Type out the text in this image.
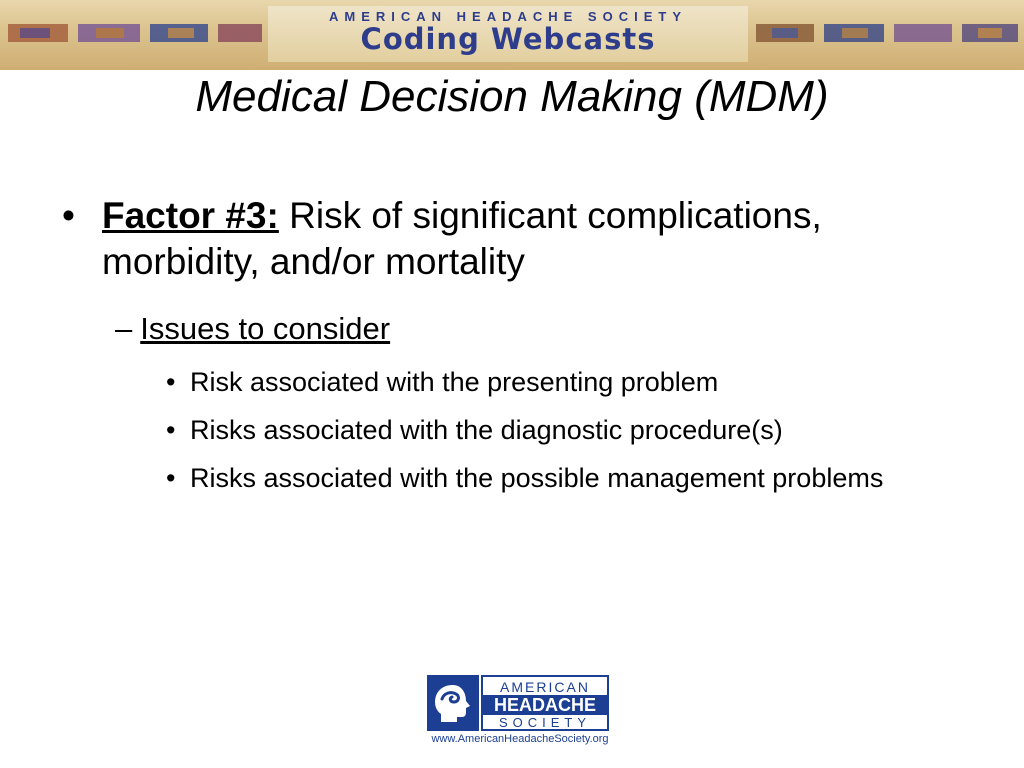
AMERICAN HEADACHE SOCIETY
Coding Webcasts
Medical Decision Making (MDM)
• Factor #3: Risk of significant complications, morbidity, and/or mortality
– Issues to consider
• Risk associated with the presenting problem
• Risks associated with the diagnostic procedure(s)
• Risks associated with the possible management problems
AMERICAN
HEADACHE
SOCIETY
www.AmericanHeadacheSociety.org
